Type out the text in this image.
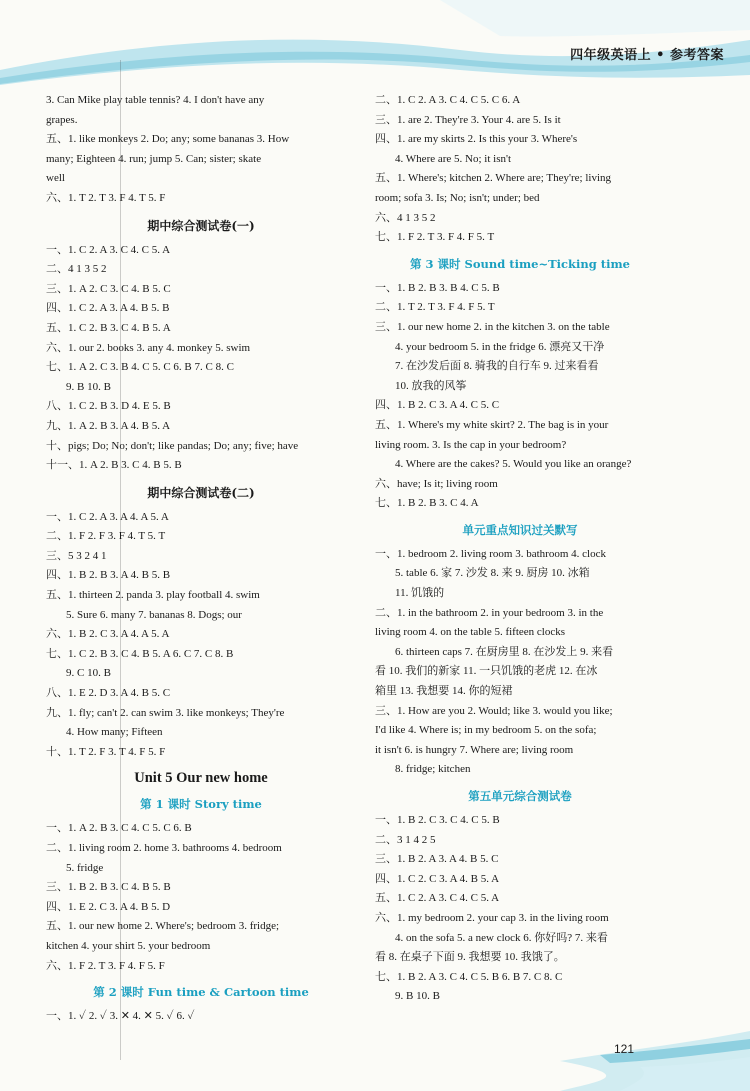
四年级英语上 • 参考答案
3. Can Mike play table tennis? 4. I don't have any
grapes.
五、1. like monkeys 2. Do; any; some bananas 3. How
many; Eighteen 4. run; jump 5. Can; sister; skate
well
六、1. T 2. T 3. F 4. T 5. F
期中综合测试卷(一)
一、1. C 2. A 3. C 4. C 5. A
二、4 1 3 5 2
三、1. A 2. C 3. C 4. B 5. C
四、1. C 2. A 3. A 4. B 5. B
五、1. C 2. B 3. C 4. B 5. A
六、1. our 2. books 3. any 4. monkey 5. swim
七、1. A 2. C 3. B 4. C 5. C 6. B 7. C 8. C
9. B 10. B
八、1. C 2. B 3. D 4. E 5. B
九、1. A 2. B 3. A 4. B 5. A
十、pigs; Do; No; don't; like pandas; Do; any; five; have
十一、1. A 2. B 3. C 4. B 5. B
期中综合测试卷(二)
一、1. C 2. A 3. A 4. A 5. A
二、1. F 2. F 3. F 4. T 5. T
三、5 3 2 4 1
四、1. B 2. B 3. A 4. B 5. B
五、1. thirteen 2. panda 3. play football 4. swim
5. Sure 6. many 7. bananas 8. Dogs; our
六、1. B 2. C 3. A 4. A 5. A
七、1. C 2. B 3. C 4. B 5. A 6. C 7. C 8. B
9. C 10. B
八、1. E 2. D 3. A 4. B 5. C
九、1. fly; can't 2. can swim 3. like monkeys; They're
4. How many; Fifteen
十、1. T 2. F 3. T 4. F 5. F
Unit 5 Our new home
第 1 课时 Story time
一、1. A 2. B 3. C 4. C 5. C 6. B
二、1. living room 2. home 3. bathrooms 4. bedroom
5. fridge
三、1. B 2. B 3. C 4. B 5. B
四、1. E 2. C 3. A 4. B 5. D
五、1. our new home 2. Where's; bedroom 3. fridge;
kitchen 4. your shirt 5. your bedroom
六、1. F 2. T 3. F 4. F 5. F
第 2 课时 Fun time & Cartoon time
一、1. ✓ 2. ✓ 3. ✕ 4. ✕ 5. ✓ 6. ✓
二、1. C 2. A 3. C 4. C 5. C 6. A
三、1. are 2. They're 3. Your 4. are 5. Is it
四、1. are my skirts 2. Is this your 3. Where's
4. Where are 5. No; it isn't
五、1. Where's; kitchen 2. Where are; They're; living
room; sofa 3. Is; No; isn't; under; bed
六、4 1 3 5 2
七、1. F 2. T 3. F 4. F 5. T
第 3 课时 Sound time~Ticking time
一、1. B 2. B 3. B 4. C 5. B
二、1. T 2. T 3. F 4. F 5. T
三、1. our new home 2. in the kitchen 3. on the table
4. your bedroom 5. in the fridge 6. 漂亮又干净
7. 在沙发后面 8. 骑我的自行车 9. 过来看看
10. 放我的风筝
四、1. B 2. C 3. A 4. C 5. C
五、1. Where's my white skirt? 2. The bag is in your
living room. 3. Is the cap in your bedroom?
4. Where are the cakes? 5. Would you like an orange?
六、have; Is it; living room
七、1. B 2. B 3. C 4. A
单元重点知识过关默写
一、1. bedroom 2. living room 3. bathroom 4. clock
5. table 6. 家 7. 沙发 8. 来 9. 厨房 10. 冰箱
11. 饥饿的
二、1. in the bathroom 2. in your bedroom 3. in the
living room 4. on the table 5. fifteen clocks
6. thirteen caps 7. 在厨房里 8. 在沙发上 9. 来看
看 10. 我们的新家 11. 一只饥饿的老虎 12. 在冰
箱里 13. 我想要 14. 你的短裙
三、1. How are you 2. Would; like 3. would you like;
I'd like 4. Where is; in my bedroom 5. on the sofa;
it isn't 6. is hungry 7. Where are; living room
8. fridge; kitchen
第五单元综合测试卷
一、1. B 2. C 3. C 4. C 5. B
二、3 1 4 2 5
三、1. B 2. A 3. A 4. B 5. C
四、1. C 2. C 3. A 4. B 5. A
五、1. C 2. A 3. C 4. C 5. A
六、1. my bedroom 2. your cap 3. in the living room
4. on the sofa 5. a new clock 6. 你好吗? 7. 来看
看 8. 在桌子下面 9. 我想要 10. 我饿了。
七、1. B 2. A 3. C 4. C 5. B 6. B 7. C 8. C
9. B 10. B
121
